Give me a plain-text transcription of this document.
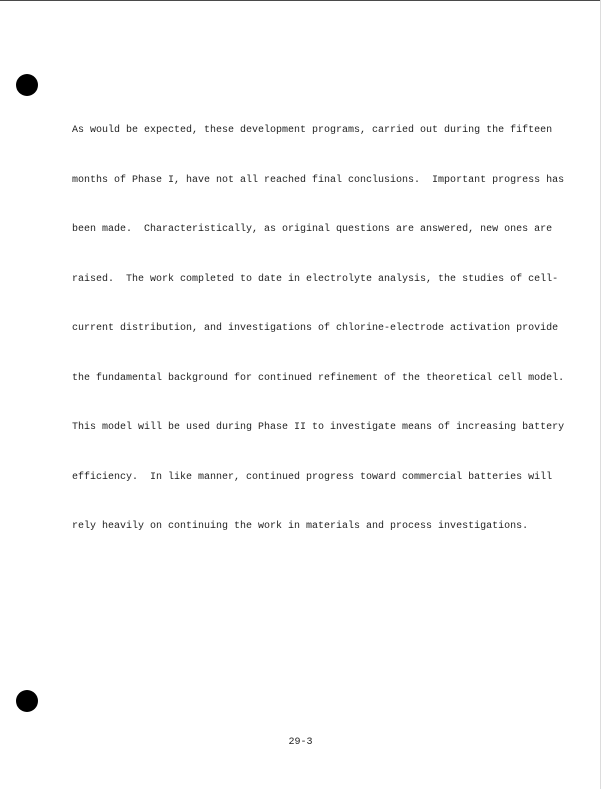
As would be expected, these development programs, carried out during the fifteen

months of Phase I, have not all reached final conclusions.  Important progress has

been made.  Characteristically, as original questions are answered, new ones are

raised.  The work completed to date in electrolyte analysis, the studies of cell-

current distribution, and investigations of chlorine-electrode activation provide

the fundamental background for continued refinement of the theoretical cell model.

This model will be used during Phase II to investigate means of increasing battery

efficiency.  In like manner, continued progress toward commercial batteries will

rely heavily on continuing the work in materials and process investigations.

29-3
